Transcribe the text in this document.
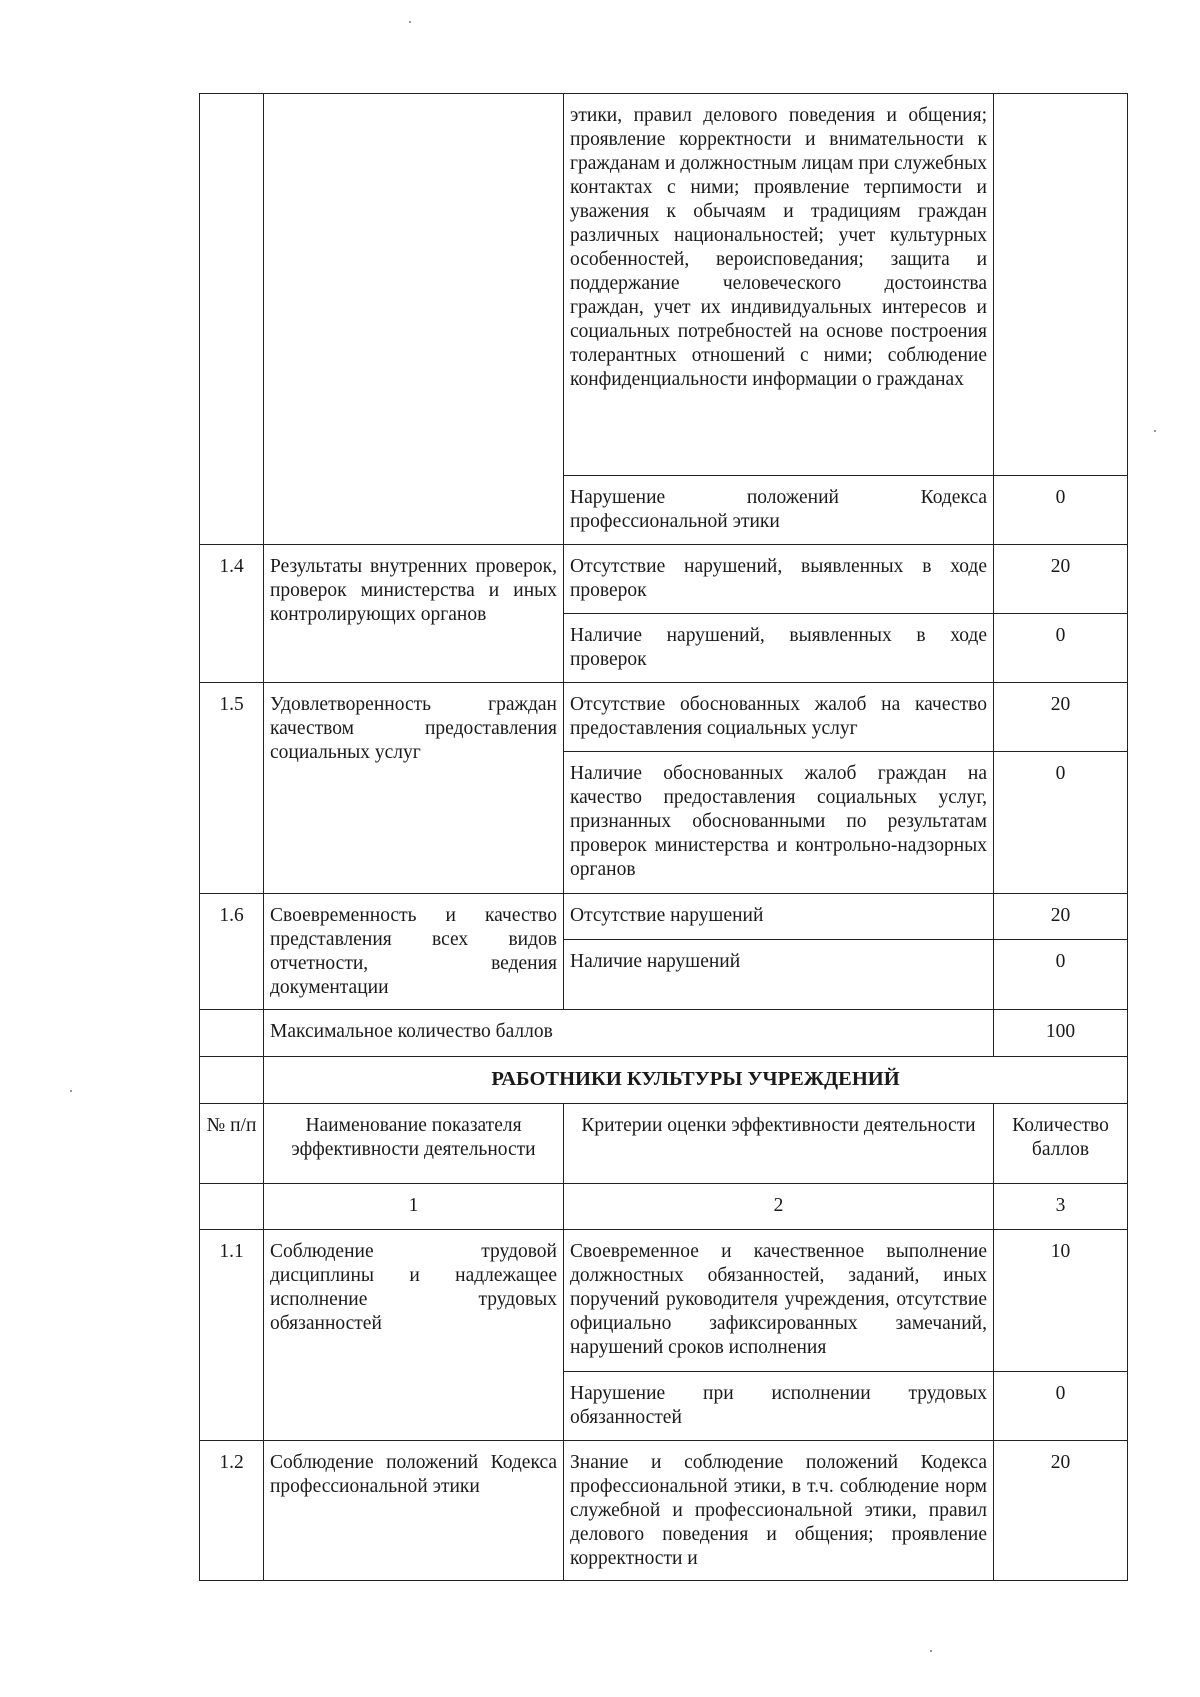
		этики, правил делового поведения и общения; проявление корректности и внимательности к гражданам и должностным лицам при служебных контактах с ними; проявление терпимости и уважения к обычаям и традициям граждан различных национальностей; учет культурных особенностей, вероисповедания; защита и поддержание человеческого достоинства граждан, учет их индивидуальных интересов и социальных потребностей на основе построения толерантных отношений с ними; соблюдение конфиденциальности информации о гражданах	
		Нарушение положений Кодекса профессиональной этики	0
1.4	Результаты внутренних проверок, проверок министерства и иных контролирующих органов	Отсутствие нарушений, выявленных в ходе проверок	20
		Наличие нарушений, выявленных в ходе проверок	0
1.5	Удовлетворенность граждан качеством предоставления социальных услуг	Отсутствие обоснованных жалоб на качество предоставления социальных услуг	20
		Наличие обоснованных жалоб граждан на качество предоставления социальных услуг, признанных обоснованными по результатам проверок министерства и контрольно-надзорных органов	0
1.6	Своевременность и качество представления всех видов отчетности, ведения документации	Отсутствие нарушений	20
		Наличие нарушений	0
	Максимальное количество баллов		100
	РАБОТНИКИ КУЛЬТУРЫ УЧРЕЖДЕНИЙ		
№ п/п	Наименование показателя эффективности деятельности	Критерии оценки эффективности деятельности	Количество баллов
	1	2	3
1.1	Соблюдение трудовой дисциплины и надлежащее исполнение трудовых обязанностей	Своевременное и качественное выполнение должностных обязанностей, заданий, иных поручений руководителя учреждения, отсутствие официально зафиксированных замечаний, нарушений сроков исполнения	10
		Нарушение при исполнении трудовых обязанностей	0
1.2	Соблюдение положений Кодекса профессиональной этики	Знание и соблюдение положений Кодекса профессиональной этики, в т.ч. соблюдение норм служебной и профессиональной этики, правил делового поведения и общения; проявление корректности и	20
